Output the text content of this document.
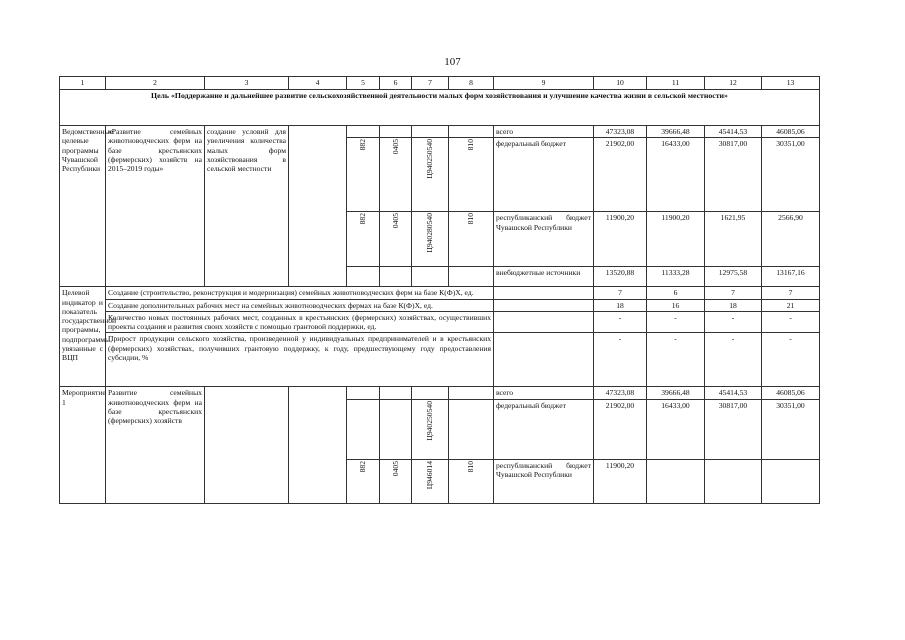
107
1	2	3	4	5	6	7	8	9	10	11	12	13
Цель «Поддержание и дальнейшее развитие сельскохозяйственной деятельности малых форм хозяйствования и улучшение качества жизни в сельской местности»												
Ведомственные целевые программы Чувашской Республики	«Развитие семейных животноводческих ферм на базе крестьянских (фермерских) хозяйств на 2015–2019 годы»	создание условий для увеличения количества малых форм хозяйствования в сельской местности						всего	47323,08	39666,48	45414,53	46085,06
				882	0405	Ц940250540	810	федеральный бюджет	21902,00	16433,00	30817,00	30351,00
				882	0405	Ц940280540	810	республиканский бюджет Чувашской Республики	11900,20	11900,20	1621,95	2566,90
								внебюджетные источники	13520,88	11333,28	12975,58	13167,16
Целевой индикатор и показатель государственной программы, подпрограммы, увязанные с ВЦП	Создание (строительство, реконструкция и модернизация) семейных животноводческих ферм на базе К(Ф)Х, ед.								7	6	7	7
	Создание дополнительных рабочих мест на семейных животноводческих фермах на базе К(Ф)Х, ед.								18	16	18	21
	Количество новых постоянных рабочих мест, созданных в крестьянских (фермерских) хозяйствах, осуществивших проекты создания и развития своих хозяйств с помощью грантовой поддержки, ед.								-	-	-	-
	Прирост продукции сельского хозяйства, произведенной у индивидуальных предпринимателей и в крестьянских (фермерских) хозяйствах, получивших грантовую поддержку, к году, предшествующему году предоставления субсидии, %								-	-	-	-
Мероприятие 1	Развитие семейных животноводческих ферм на базе крестьянских (фермерских) хозяйств							всего	47323,08	39666,48	45414,53	46085,06
						Ц940250540		федеральный бюджет	21902,00	16433,00	30817,00	30351,00
				882	0405	Ц946014	810	республиканский бюджет Чувашской Республики	11900,20			
